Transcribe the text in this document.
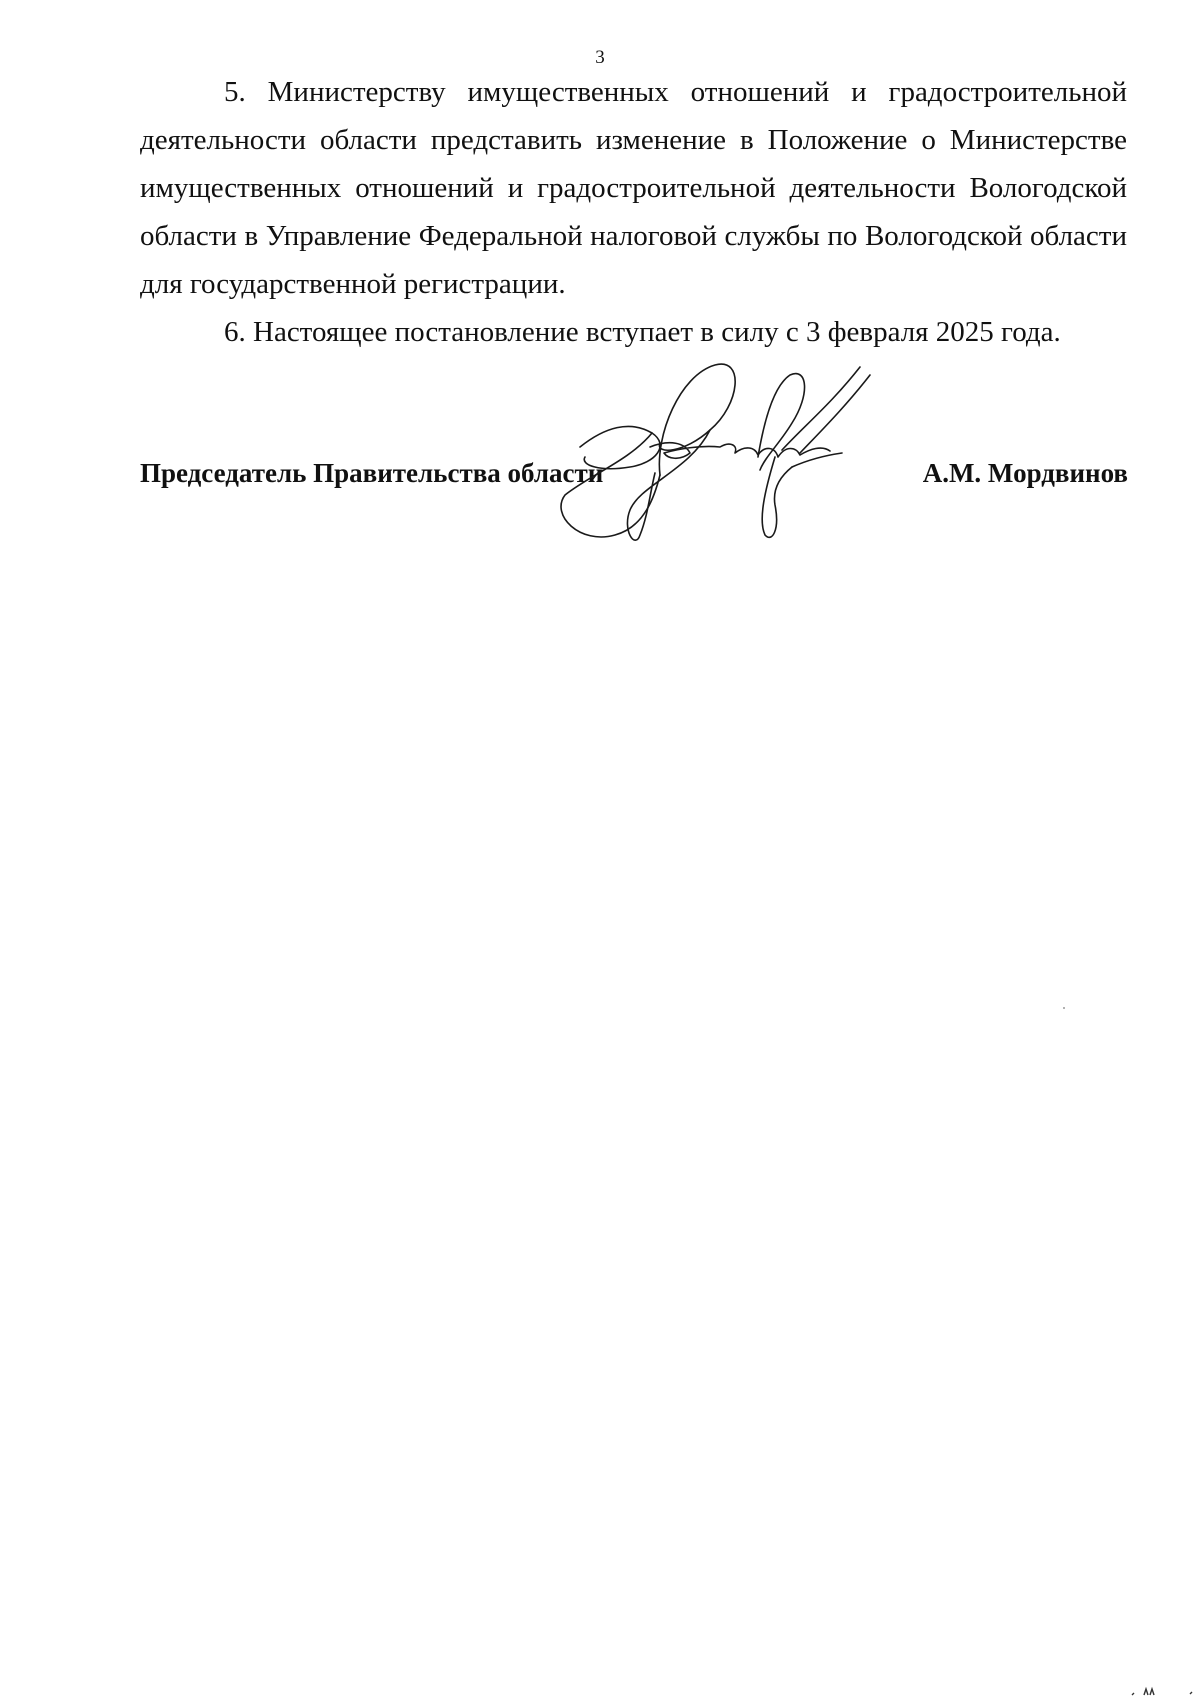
3

5. Министерству имущественных отношений и градостроительной деятельности области представить изменение в Положение о Министерстве имущественных отношений и градостроительной деятельности Вологодской области в Управление Федеральной налоговой службы по Вологодской области для государственной регистрации.

6. Настоящее постановление вступает в силу с 3 февраля 2025 года.

Председатель Правительства области	А.М. Мордвинов
